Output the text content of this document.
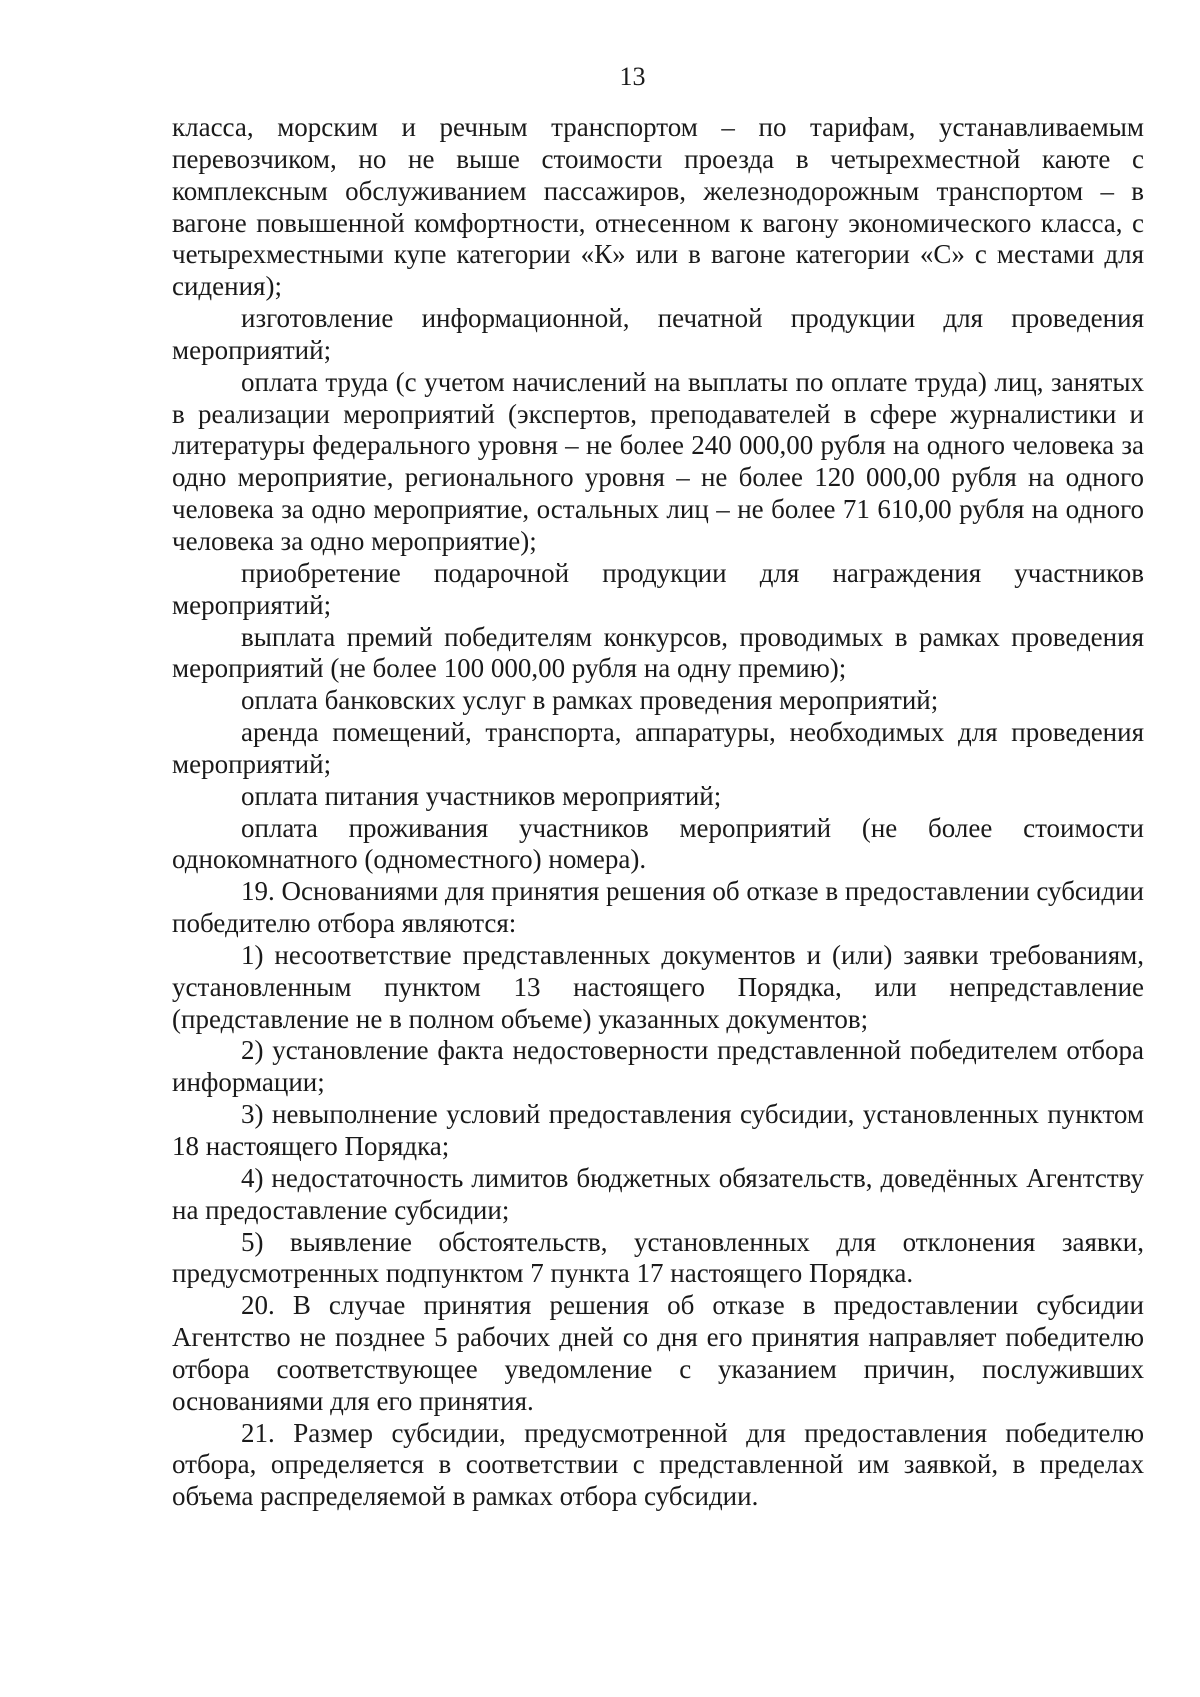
13

класса, морским и речным транспортом – по тарифам, устанавливаемым перевозчиком, но не выше стоимости проезда в четырехместной каюте с комплексным обслуживанием пассажиров, железнодорожным транспортом – в вагоне повышенной комфортности, отнесенном к вагону экономического класса, с четырехместными купе категории «К» или в вагоне категории «С» с местами для сидения);

изготовление информационной, печатной продукции для проведения мероприятий;

оплата труда (с учетом начислений на выплаты по оплате труда) лиц, занятых в реализации мероприятий (экспертов, преподавателей в сфере журналистики и литературы федерального уровня – не более 240 000,00 рубля на одного человека за одно мероприятие, регионального уровня – не более 120 000,00 рубля на одного человека за одно мероприятие, остальных лиц – не более 71 610,00 рубля на одного человека за одно мероприятие);

приобретение подарочной продукции для награждения участников мероприятий;

выплата премий победителям конкурсов, проводимых в рамках проведения мероприятий (не более 100 000,00 рубля на одну премию);

оплата банковских услуг в рамках проведения мероприятий;

аренда помещений, транспорта, аппаратуры, необходимых для проведения мероприятий;

оплата питания участников мероприятий;

оплата проживания участников мероприятий (не более стоимости однокомнатного (одноместного) номера).

19. Основаниями для принятия решения об отказе в предоставлении субсидии победителю отбора являются:

1) несоответствие представленных документов и (или) заявки требованиям, установленным пунктом 13 настоящего Порядка, или непредставление (представление не в полном объеме) указанных документов;

2) установление факта недостоверности представленной победителем отбора информации;

3) невыполнение условий предоставления субсидии, установленных пунктом 18 настоящего Порядка;

4) недостаточность лимитов бюджетных обязательств, доведённых Агентству на предоставление субсидии;

5) выявление обстоятельств, установленных для отклонения заявки, предусмотренных подпунктом 7 пункта 17 настоящего Порядка.

20. В случае принятия решения об отказе в предоставлении субсидии Агентство не позднее 5 рабочих дней со дня его принятия направляет победителю отбора соответствующее уведомление с указанием причин, послуживших основаниями для его принятия.

21. Размер субсидии, предусмотренной для предоставления победителю отбора, определяется в соответствии с представленной им заявкой, в пределах объема распределяемой в рамках отбора субсидии.
